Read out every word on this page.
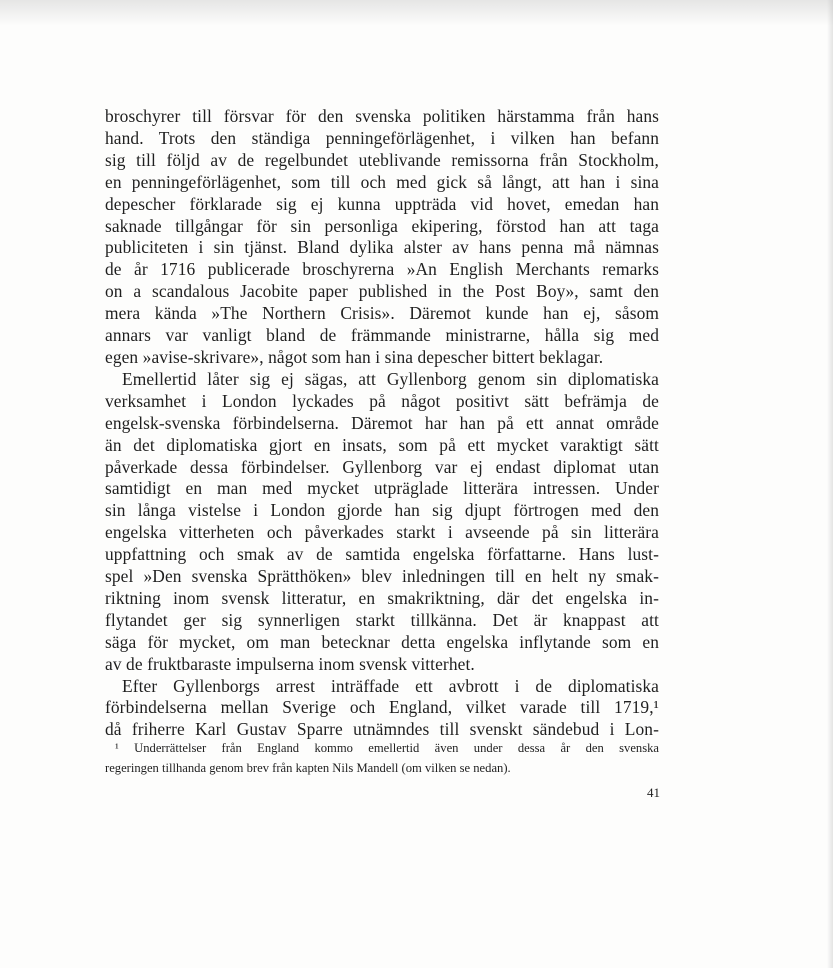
broschyrer till försvar för den svenska politiken härstamma från hans
hand. Trots den ständiga penningeförlägenhet, i vilken han befann
sig till följd av de regelbundet uteblivande remissorna från Stockholm,
en penningeförlägenhet, som till och med gick så långt, att han i sina
depescher förklarade sig ej kunna uppträda vid hovet, emedan han
saknade tillgångar för sin personliga ekipering, förstod han att taga
publiciteten i sin tjänst. Bland dylika alster av hans penna må nämnas
de år 1716 publicerade broschyrerna »An English Merchants remarks
on a scandalous Jacobite paper published in the Post Boy», samt den
mera kända »The Northern Crisis». Däremot kunde han ej, såsom
annars var vanligt bland de främmande ministrarne, hålla sig med
egen »avise-skrivare», något som han i sina depescher bittert beklagar.

Emellertid låter sig ej sägas, att Gyllenborg genom sin diplomatiska
verksamhet i London lyckades på något positivt sätt befrämja de
engelsk-svenska förbindelserna. Däremot har han på ett annat område
än det diplomatiska gjort en insats, som på ett mycket varaktigt sätt
påverkade dessa förbindelser. Gyllenborg var ej endast diplomat utan
samtidigt en man med mycket utpräglade litterära intressen. Under
sin långa vistelse i London gjorde han sig djupt förtrogen med den
engelska vitterheten och påverkades starkt i avseende på sin litterära
uppfattning och smak av de samtida engelska författarne. Hans lust-
spel »Den svenska Sprätthöken» blev inledningen till en helt ny smak-
riktning inom svensk litteratur, en smakriktning, där det engelska in-
flytandet ger sig synnerligen starkt tillkänna. Det är knappast att
säga för mycket, om man betecknar detta engelska inflytande som en
av de fruktbaraste impulserna inom svensk vitterhet.

Efter Gyllenborgs arrest inträffade ett avbrott i de diplomatiska
förbindelserna mellan Sverige och England, vilket varade till 1719,¹
då friherre Karl Gustav Sparre utnämndes till svenskt sändebud i Lon-

¹ Underrättelser från England kommo emellertid även under dessa år den svenska
regeringen tillhanda genom brev från kapten Nils Mandell (om vilken se nedan).
41
